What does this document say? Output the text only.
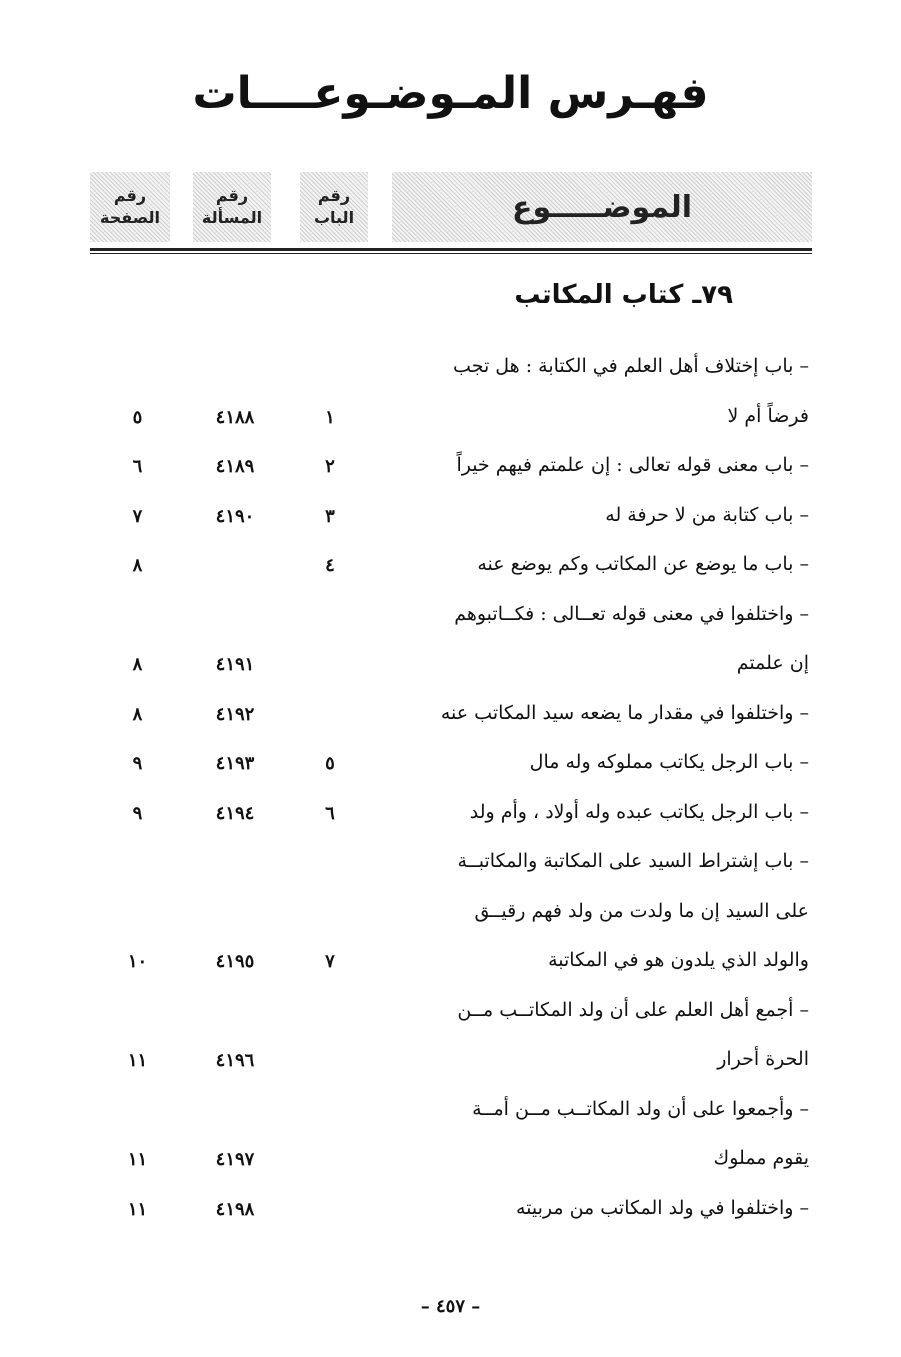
فهـرس المـوضـوعــــات
الموضـــــوع
رقم
الباب
رقم
المسألة
رقم
الصفحة
٧٩ـ كتاب المكاتب
– باب إختلاف أهل العلم في الكتابة : هل تجب
فرضاً أم لا
١
٤١٨٨
٥
– باب معنى قوله تعالى : إن علمتم فيهم خيراً
٢
٤١٨٩
٦
– باب كتابة من لا حرفة له
٣
٤١٩٠
٧
– باب ما يوضع عن المكاتب وكم يوضع عنه
٤
٨
– واختلفوا في معنى قوله تعــالى : فكــاتبوهم
إن علمتم
٤١٩١
٨
– واختلفوا في مقدار ما يضعه سيد المكاتب عنه
٤١٩٢
٨
– باب الرجل يكاتب مملوكه وله مال
٥
٤١٩٣
٩
– باب الرجل يكاتب عبده وله أولاد ، وأم ولد
٦
٤١٩٤
٩
– باب إشتراط السيد على المكاتبة والمكاتبــة
على السيد إن ما ولدت من ولد فهم رقيــق
والولد الذي يلدون هو في المكاتبة
٧
٤١٩٥
١٠
– أجمع أهل العلم على أن ولد المكاتــب مــن
الحرة أحرار
٤١٩٦
١١
– وأجمعوا على أن ولد المكاتــب مــن أمــة
يقوم مملوك
٤١٩٧
١١
– واختلفوا في ولد المكاتب من مربيته
٤١٩٨
١١
– ٤٥٧ –
